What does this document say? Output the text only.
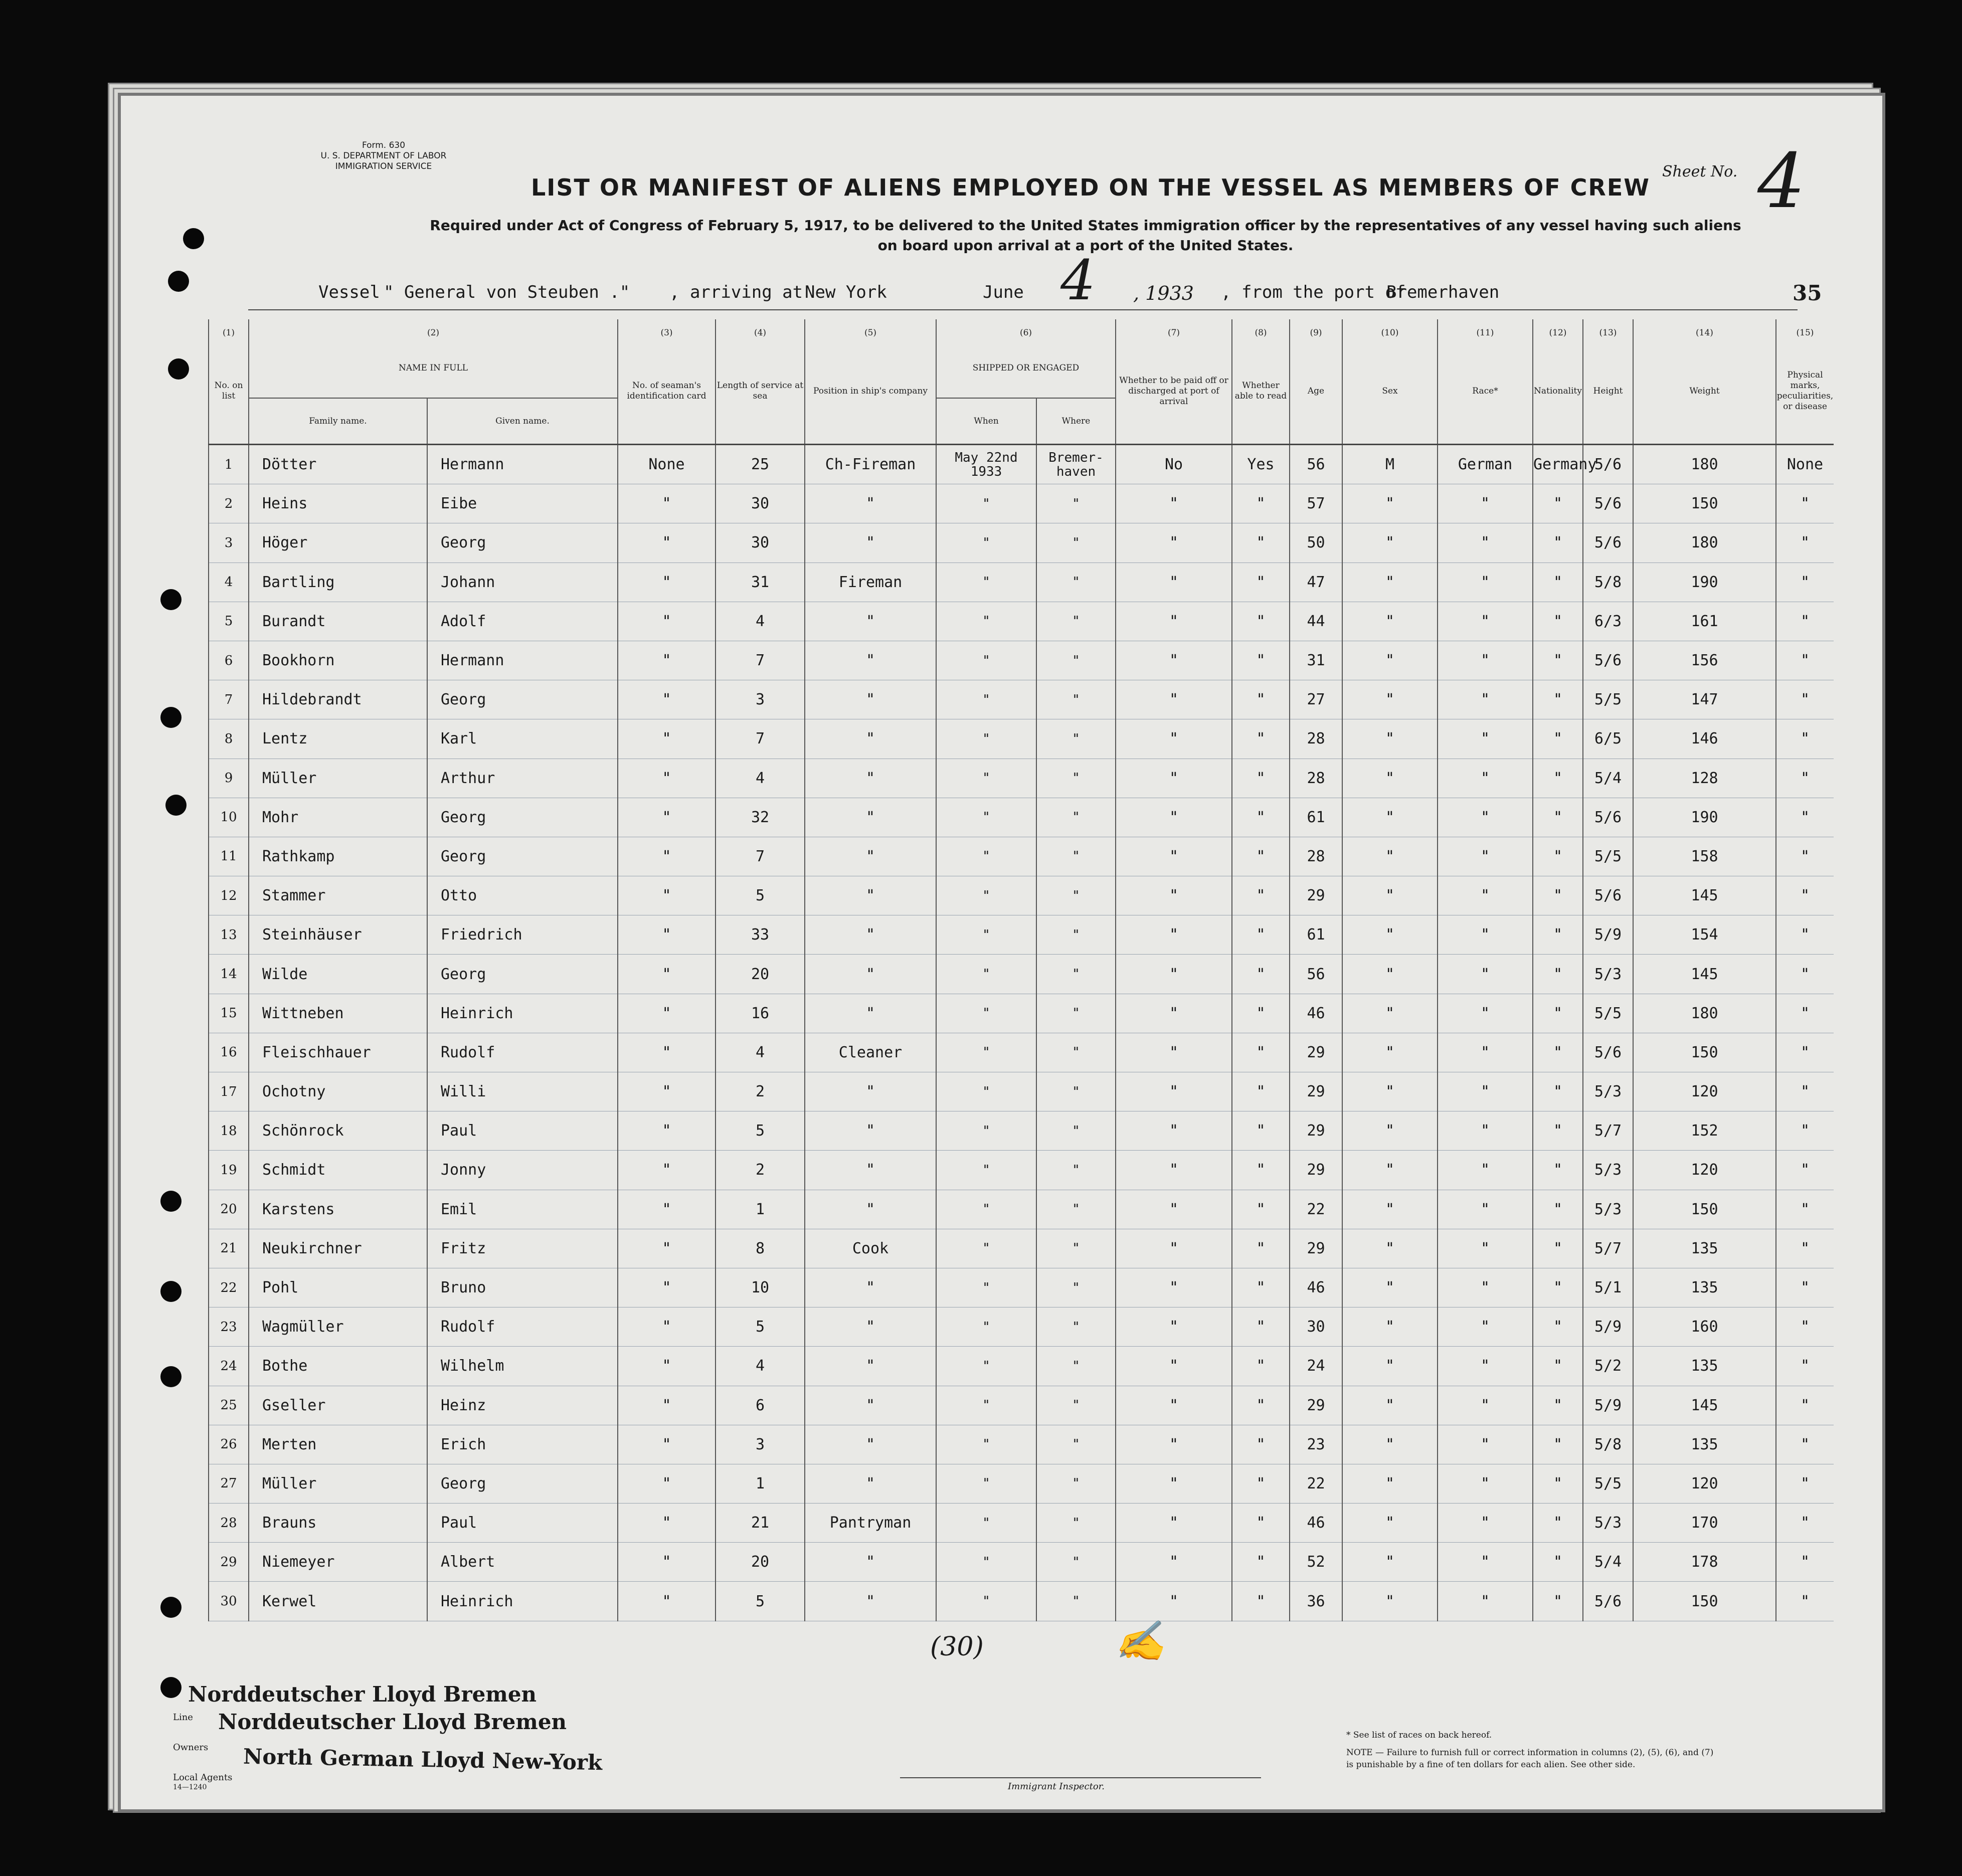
Form. 630
U. S. DEPARTMENT OF LABOR
IMMIGRATION SERVICE
LIST OR MANIFEST OF ALIENS EMPLOYED ON THE VESSEL AS MEMBERS OF CREW
Required under Act of Congress of February 5, 1917, to be delivered to the United States immigration officer by the representatives of any vessel having such aliens
on board upon arrival at a port of the United States.
Sheet No. 4
35
Vessel " General von Steuben ." , arriving at New York	June 4 , 1933 , from the port of
Bremerhaven
(1)	(2)		(3)	(4)	(5)	(6)		(7)	(8)	(9)	(10)	(11)	(12)	(13)	(14)	(15)
No. on list	NAME IN FULL		No. of seaman's identification card	Length of service at sea	Position in ship's company	SHIPPED OR ENGAGED		Whether to be paid off or discharged at port of arrival	Whether able to read	Age	Sex	Race*	Nationality	Height	Weight	Physical marks, peculiarities, or disease
	Family name.	Given name.				When	Where									
1	Dötter	Hermann	None	25	Ch-Fireman	May 22nd 1933	Bremer-haven	No	Yes	56	M	German	Germany	5/6	180	None
2	Heins	Eibe	"	30	"	"	"	"	"	57	"	"	"	5/6	150	"
3	Höger	Georg	"	30	"	"	"	"	"	50	"	"	"	5/6	180	"
4	Bartling	Johann	"	31	Fireman	"	"	"	"	47	"	"	"	5/8	190	"
5	Burandt	Adolf	"	4	"	"	"	"	"	44	"	"	"	6/3	161	"
6	Bookhorn	Hermann	"	7	"	"	"	"	"	31	"	"	"	5/6	156	"
7	Hildebrandt	Georg	"	3	"	"	"	"	"	27	"	"	"	5/5	147	"
8	Lentz	Karl	"	7	"	"	"	"	"	28	"	"	"	6/5	146	"
9	Müller	Arthur	"	4	"	"	"	"	"	28	"	"	"	5/4	128	"
10	Mohr	Georg	"	32	"	"	"	"	"	61	"	"	"	5/6	190	"
11	Rathkamp	Georg	"	7	"	"	"	"	"	28	"	"	"	5/5	158	"
12	Stammer	Otto	"	5	"	"	"	"	"	29	"	"	"	5/6	145	"
13	Steinhäuser	Friedrich	"	33	"	"	"	"	"	61	"	"	"	5/9	154	"
14	Wilde	Georg	"	20	"	"	"	"	"	56	"	"	"	5/3	145	"
15	Wittneben	Heinrich	"	16	"	"	"	"	"	46	"	"	"	5/5	180	"
16	Fleischhauer	Rudolf	"	4	Cleaner	"	"	"	"	29	"	"	"	5/6	150	"
17	Ochotny	Willi	"	2	"	"	"	"	"	29	"	"	"	5/3	120	"
18	Schönrock	Paul	"	5	"	"	"	"	"	29	"	"	"	5/7	152	"
19	Schmidt	Jonny	"	2	"	"	"	"	"	29	"	"	"	5/3	120	"
20	Karstens	Emil	"	1	"	"	"	"	"	22	"	"	"	5/3	150	"
21	Neukirchner	Fritz	"	8	Cook	"	"	"	"	29	"	"	"	5/7	135	"
22	Pohl	Bruno	"	10	"	"	"	"	"	46	"	"	"	5/1	135	"
23	Wagmüller	Rudolf	"	5	"	"	"	"	"	30	"	"	"	5/9	160	"
24	Bothe	Wilhelm	"	4	"	"	"	"	"	24	"	"	"	5/2	135	"
25	Gseller	Heinz	"	6	"	"	"	"	"	29	"	"	"	5/9	145	"
26	Merten	Erich	"	3	"	"	"	"	"	23	"	"	"	5/8	135	"
27	Müller	Georg	"	1	"	"	"	"	"	22	"	"	"	5/5	120	"
28	Brauns	Paul	"	21	Pantryman	"	"	"	"	46	"	"	"	5/3	170	"
29	Niemeyer	Albert	"	20	"	"	"	"	"	52	"	"	"	5/4	178	"
30	Kerwel	Heinrich	"	5	"	"	"	"	"	36	"	"	"	5/6	150	"
(30)	✍
Norddeutscher Lloyd Bremen
Line Norddeutscher Lloyd Bremen
Owners North German Lloyd New-York
Local Agents
14—1240	Immigrant Inspector.
* See list of races on back hereof.
NOTE — Failure to furnish full or correct information in columns (2), (5), (6), and (7)
is punishable by a fine of ten dollars for each alien. See other side.
